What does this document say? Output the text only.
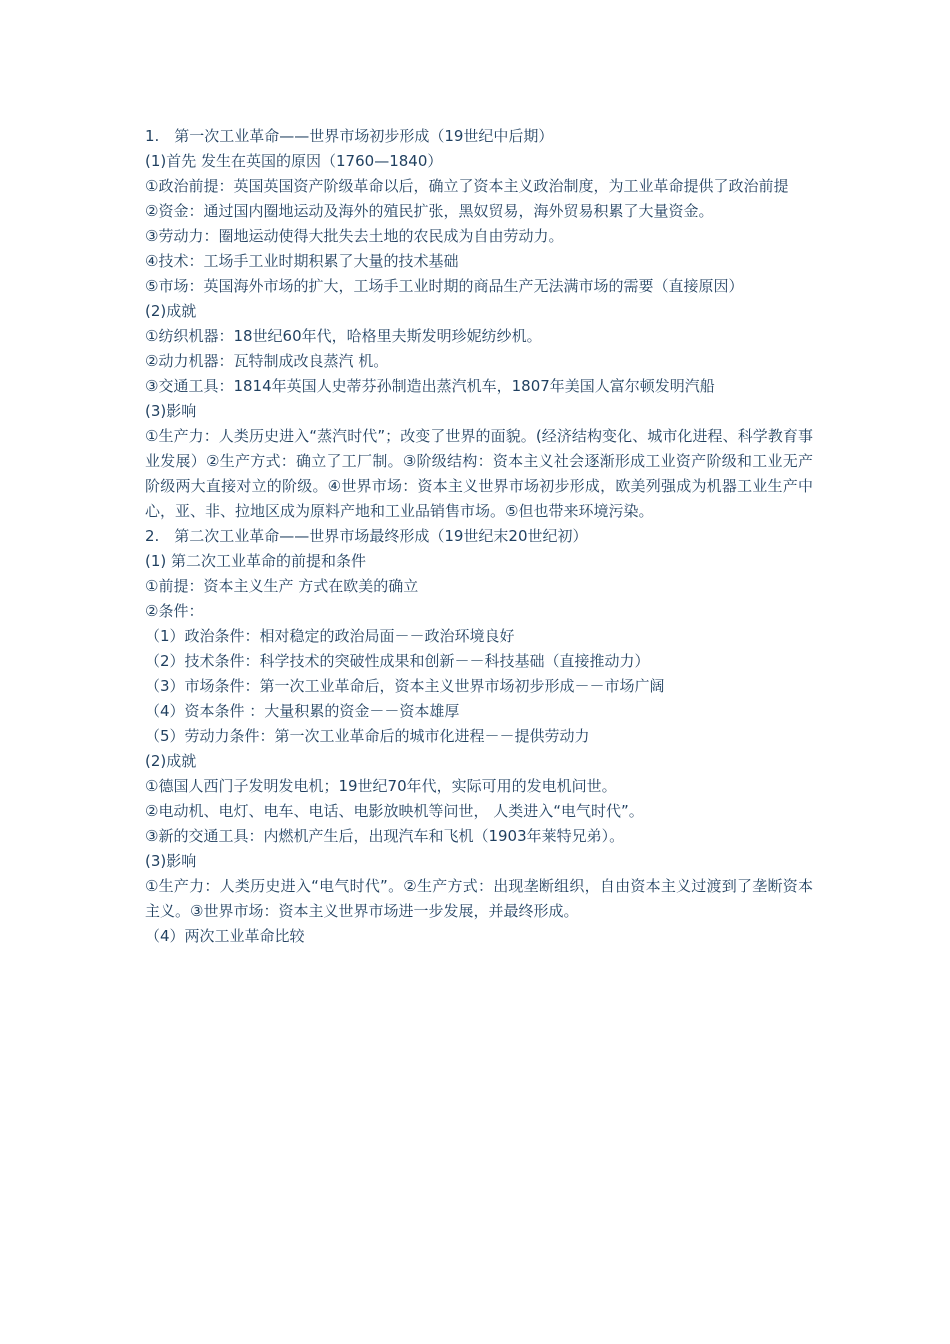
1.　第一次工业革命——世界市场初步形成（19世纪中后期）

(1)首先 发生在英国的原因（1760—1840）

①政治前提：英国英国资产阶级革命以后，确立了资本主义政治制度，为工业革命提供了政治前提

②资金：通过国内圈地运动及海外的殖民扩张，黑奴贸易，海外贸易积累了大量资金。

③劳动力：圈地运动使得大批失去土地的农民成为自由劳动力。

④技术：工场手工业时期积累了大量的技术基础

⑤市场：英国海外市场的扩大，工场手工业时期的商品生产无法满市场的需要（直接原因）

(2)成就

①纺织机器：18世纪60年代，哈格里夫斯发明珍妮纺纱机。

②动力机器：瓦特制成改良蒸汽 机。

③交通工具：1814年英国人史蒂芬孙制造出蒸汽机车，1807年美国人富尔顿发明汽船

(3)影响

①生产力：人类历史进入“蒸汽时代”；改变了世界的面貌。(经济结构变化、城市化进程、科学教育事业发展）②生产方式：确立了工厂制。③阶级结构：资本主义社会逐渐形成工业资产阶级和工业无产阶级两大直接对立的阶级。④世界市场：资本主义世界市场初步形成，欧美列强成为机器工业生产中心，亚、非、拉地区成为原料产地和工业品销售市场。⑤但也带来环境污染。

2.　第二次工业革命——世界市场最终形成（19世纪末20世纪初）

(1) 第二次工业革命的前提和条件

①前提：资本主义生产 方式在欧美的确立

②条件：

（1）政治条件：相对稳定的政治局面－－政治环境良好

（2）技术条件：科学技术的突破性成果和创新－－科技基础（直接推动力）

（3）市场条件：第一次工业革命后，资本主义世界市场初步形成－－市场广阔

（4）资本条件 ：大量积累的资金－－资本雄厚

（5）劳动力条件：第一次工业革命后的城市化进程－－提供劳动力

(2)成就

①德国人西门子发明发电机；19世纪70年代，实际可用的发电机问世。

②电动机、电灯、电车、电话、电影放映机等问世， 人类进入“电气时代”。

③新的交通工具：内燃机产生后，出现汽车和飞机（1903年莱特兄弟）。

(3)影响

①生产力：人类历史进入“电气时代”。②生产方式：出现垄断组织，自由资本主义过渡到了垄断资本主义。③世界市场：资本主义世界市场进一步发展，并最终形成。

（4）两次工业革命比较
